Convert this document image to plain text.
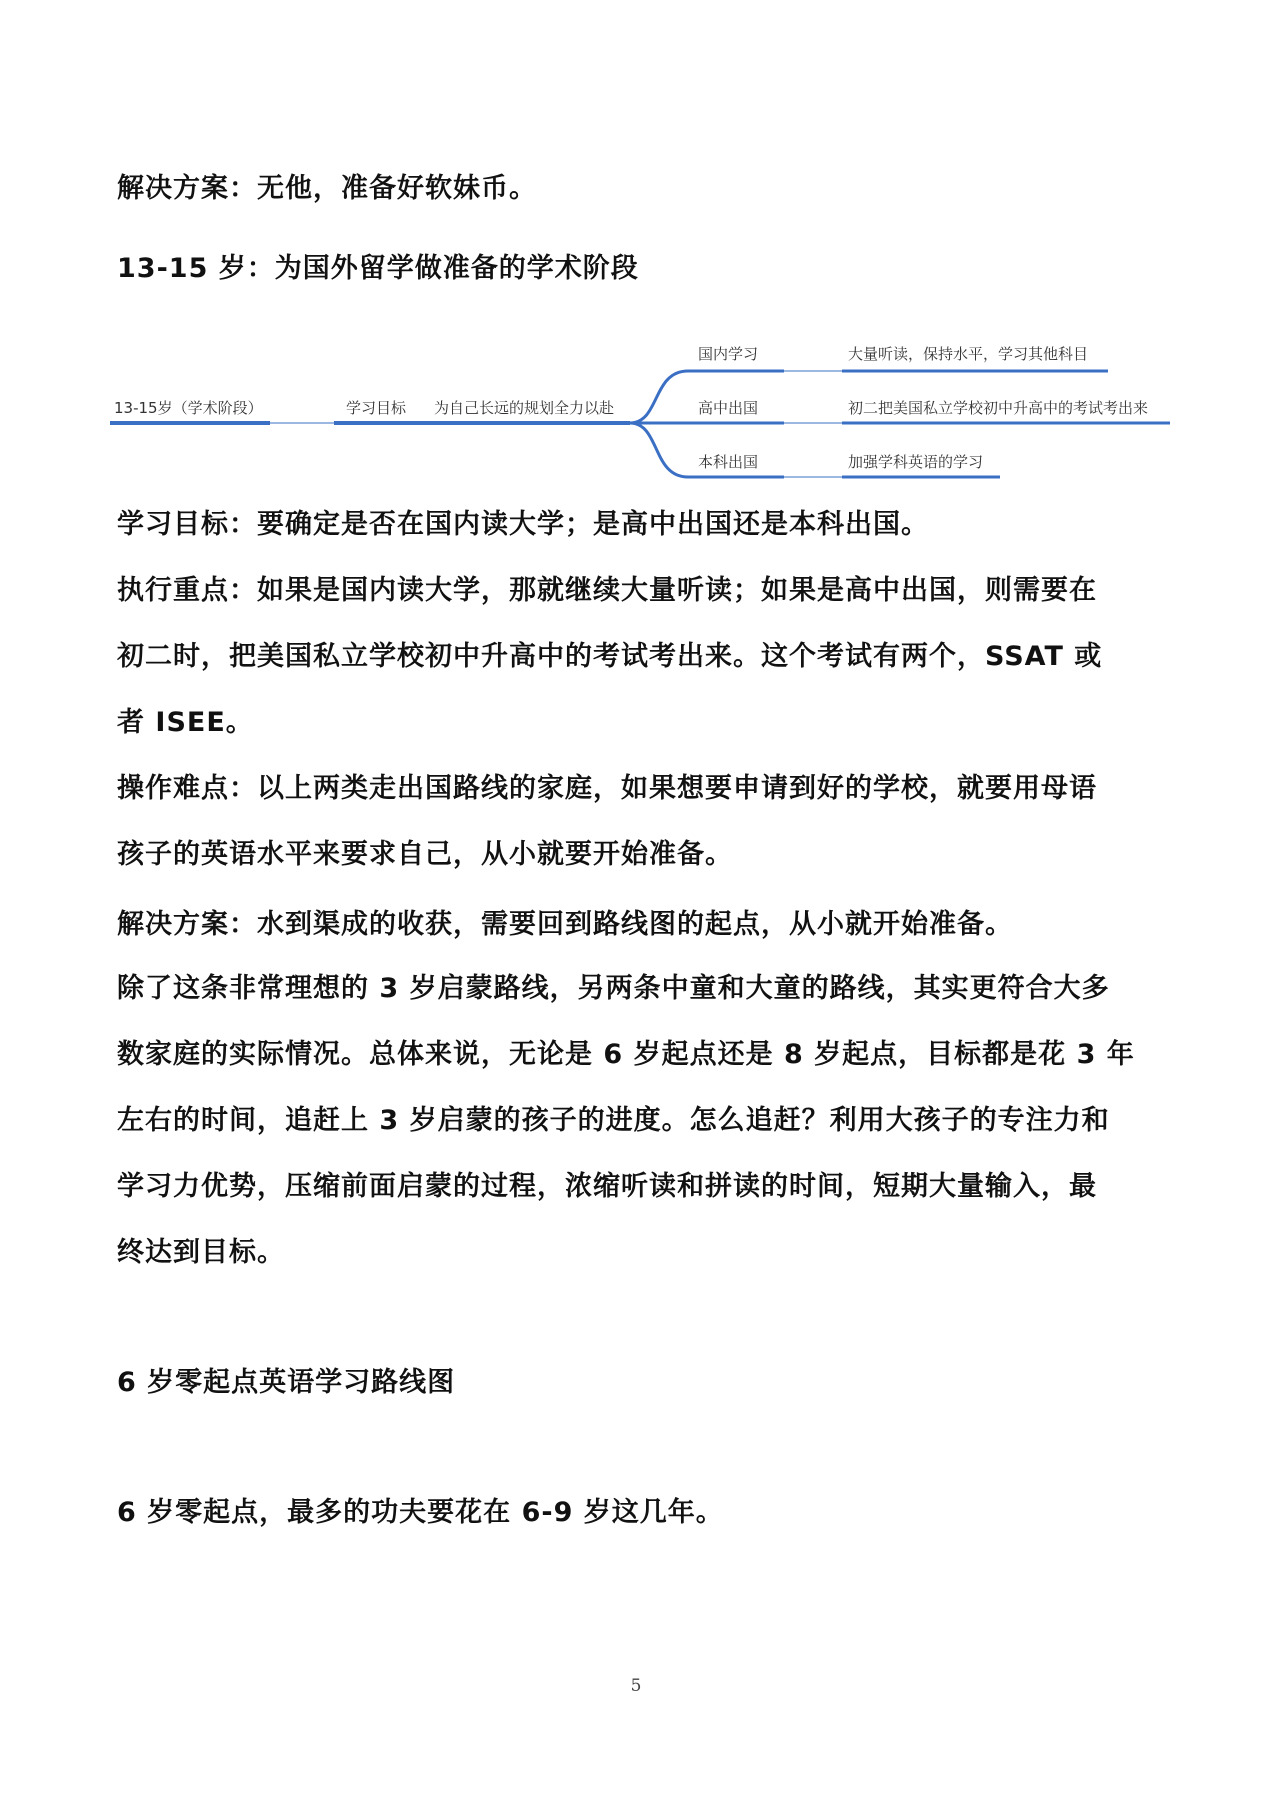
解决方案：无他，准备好软妹币。
13-15 岁：为国外留学做准备的学术阶段
13-15岁（学术阶段）	学习目标 为自己长远的规划全力以赴
国内学习
高中出国
本科出国
大量听读，保持水平，学习其他科目
初二把美国私立学校初中升高中的考试考出来
加强学科英语的学习
学习目标：要确定是否在国内读大学；是高中出国还是本科出国。
执行重点：如果是国内读大学，那就继续大量听读；如果是高中出国，则需要在
初二时，把美国私立学校初中升高中的考试考出来。这个考试有两个，SSAT 或
者 ISEE。
操作难点：以上两类走出国路线的家庭，如果想要申请到好的学校，就要用母语
孩子的英语水平来要求自己，从小就要开始准备。
解决方案：水到渠成的收获，需要回到路线图的起点，从小就开始准备。
除了这条非常理想的 3 岁启蒙路线，另两条中童和大童的路线，其实更符合大多
数家庭的实际情况。总体来说，无论是 6 岁起点还是 8 岁起点，目标都是花 3 年
左右的时间，追赶上 3 岁启蒙的孩子的进度。怎么追赶？利用大孩子的专注力和
学习力优势，压缩前面启蒙的过程，浓缩听读和拼读的时间，短期大量输入，最
终达到目标。
6 岁零起点英语学习路线图
6 岁零起点，最多的功夫要花在 6-9 岁这几年。
5
